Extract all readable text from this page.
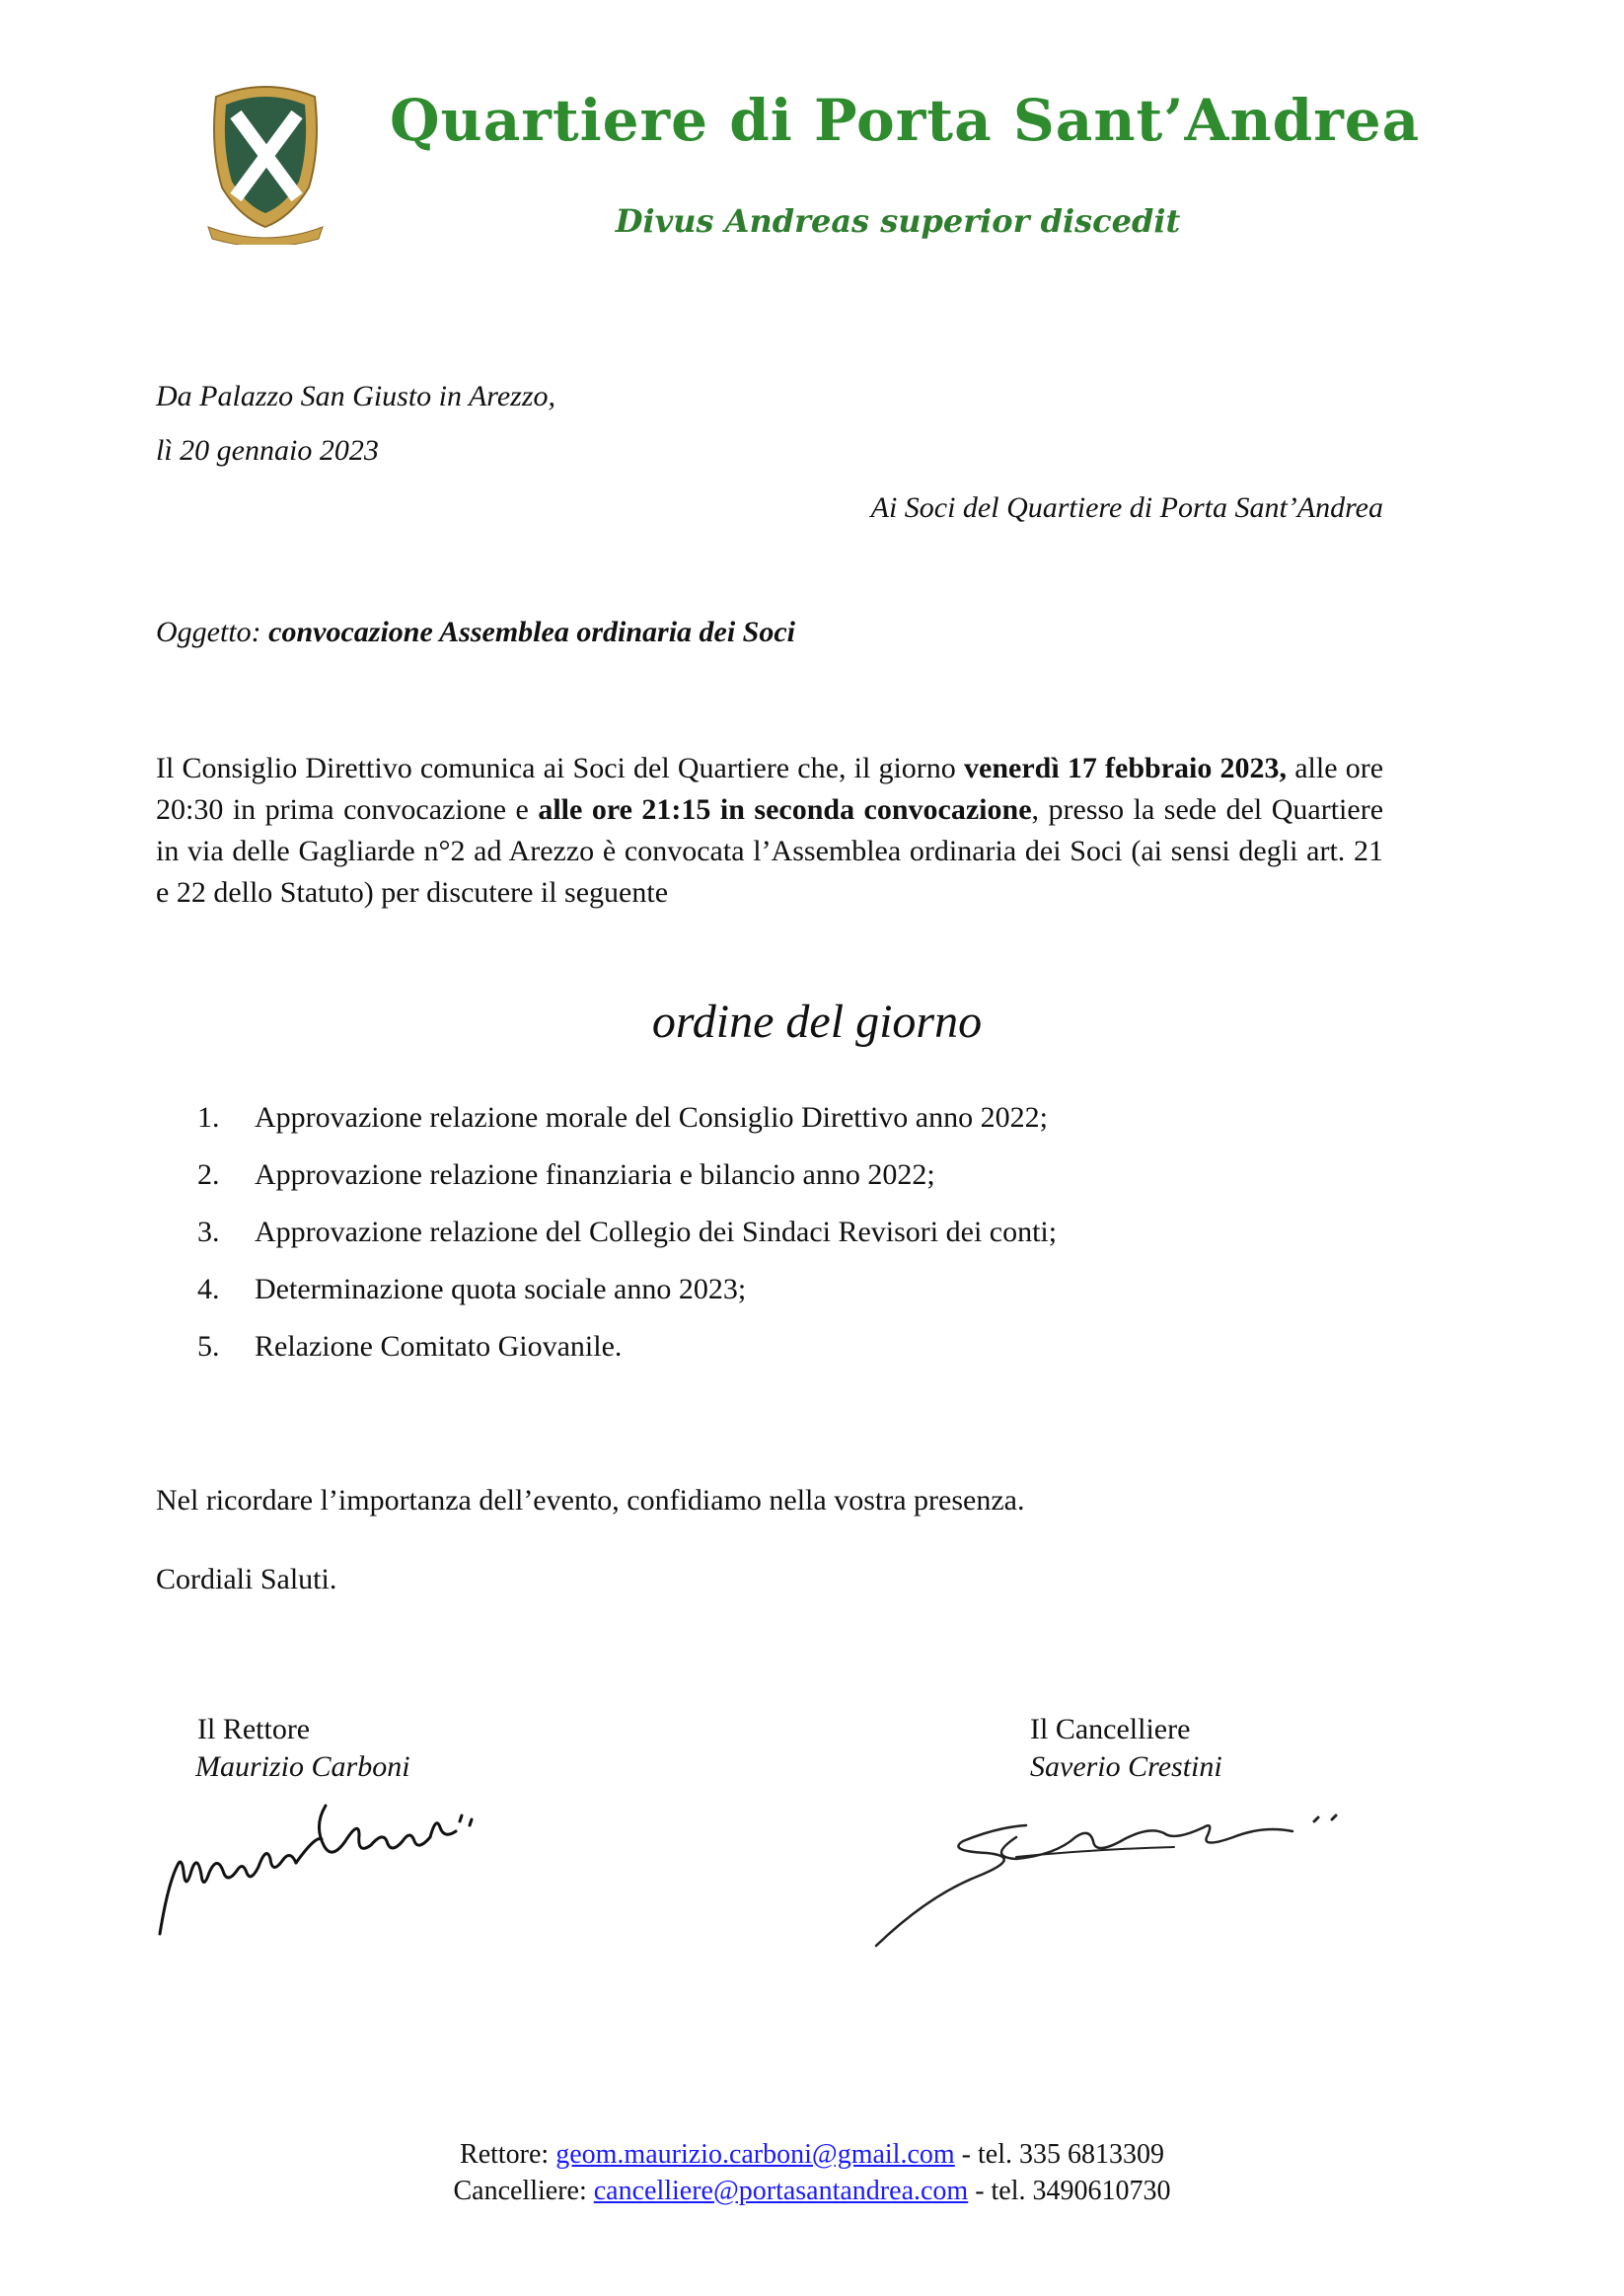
Quartiere di Porta Sant’Andrea
Divus Andreas superior discedit
Da Palazzo San Giusto in Arezzo,
lì 20 gennaio 2023
Ai Soci del Quartiere di Porta Sant’Andrea
Oggetto: convocazione Assemblea ordinaria dei Soci
Il Consiglio Direttivo comunica ai Soci del Quartiere che, il giorno venerdì 17 febbraio 2023, alle ore 20:30 in prima convocazione e alle ore 21:15 in seconda convocazione, presso la sede del Quartiere in via delle Gagliarde n°2 ad Arezzo è convocata l’Assemblea ordinaria dei Soci (ai sensi degli art. 21 e 22 dello Statuto) per discutere il seguente
ordine del giorno
1. Approvazione relazione morale del Consiglio Direttivo anno 2022;
2. Approvazione relazione finanziaria e bilancio anno 2022;
3. Approvazione relazione del Collegio dei Sindaci Revisori dei conti;
4. Determinazione quota sociale anno 2023;
5. Relazione Comitato Giovanile.
Nel ricordare l’importanza dell’evento, confidiamo nella vostra presenza.
Cordiali Saluti.
Il Rettore
Maurizio Carboni
Il Cancelliere
Saverio Crestini
Rettore: geom.maurizio.carboni@gmail.com - tel. 335 6813309
Cancelliere: cancelliere@portasantandrea.com - tel. 3490610730
